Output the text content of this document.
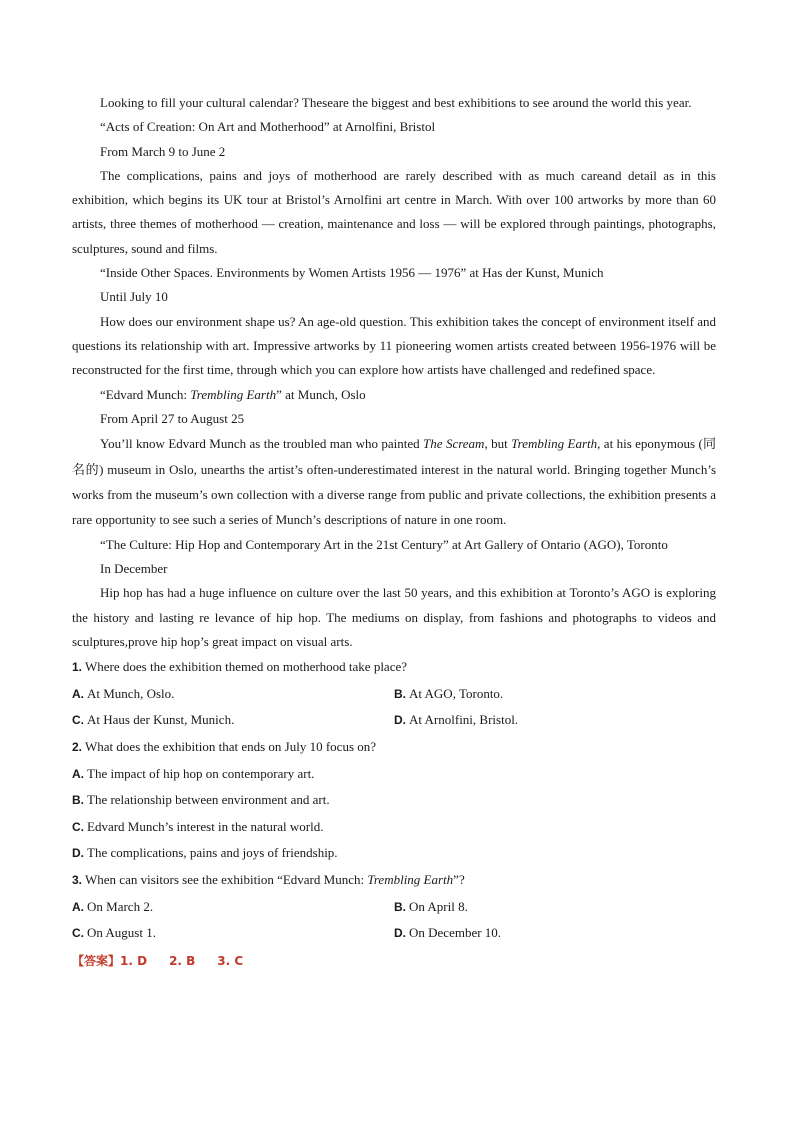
Looking to fill your cultural calendar? Theseare the biggest and best exhibitions to see around the world this year.

“Acts of Creation: On Art and Motherhood” at Arnolfini, Bristol

From March 9 to June 2

The complications, pains and joys of motherhood are rarely described with as much careand detail as in this exhibition, which begins its UK tour at Bristol’s Arnolfini art centre in March. With over 100 artworks by more than 60 artists, three themes of motherhood — creation, maintenance and loss — will be explored through paintings, photographs, sculptures, sound and films.

“Inside Other Spaces. Environments by Women Artists 1956 — 1976” at Has der Kunst, Munich

Until July 10

How does our environment shape us? An age-old question. This exhibition takes the concept of environment itself and questions its relationship with art. Impressive artworks by 11 pioneering women artists created between 1956-1976 will be reconstructed for the first time, through which you can explore how artists have challenged and redefined space.

“Edvard Munch: Trembling Earth” at Munch, Oslo

From April 27 to August 25

You’ll know Edvard Munch as the troubled man who painted The Scream, but Trembling Earth, at his eponymous (同名的) museum in Oslo, unearths the artist’s often-underestimated interest in the natural world. Bringing together Munch’s works from the museum’s own collection with a diverse range from public and private collections, the exhibition presents a rare opportunity to see such a series of Munch’s descriptions of nature in one room.

“The Culture: Hip Hop and Contemporary Art in the 21st Century” at Art Gallery of Ontario (AGO), Toronto

In December

Hip hop has had a huge influence on culture over the last 50 years, and this exhibition at Toronto’s AGO is exploring the history and lasting re levance of hip hop. The mediums on display, from fashions and photographs to videos and sculptures,prove hip hop’s great impact on visual arts.

1. Where does the exhibition themed on motherhood take place?

A. At Munch, Oslo.	B. At AGO, Toronto.
C. At Haus der Kunst, Munich.	D. At Arnolfini, Bristol.

2. What does the exhibition that ends on July 10 focus on?

A. The impact of hip hop on contemporary art.

B. The relationship between environment and art.

C. Edvard Munch’s interest in the natural world.

D. The complications, pains and joys of friendship.

3. When can visitors see the exhibition “Edvard Munch: Trembling Earth”?

A. On March 2.	B. On April 8.
C. On August 1.	D. On December 10.
【答案】1. D 2. B 3. C
